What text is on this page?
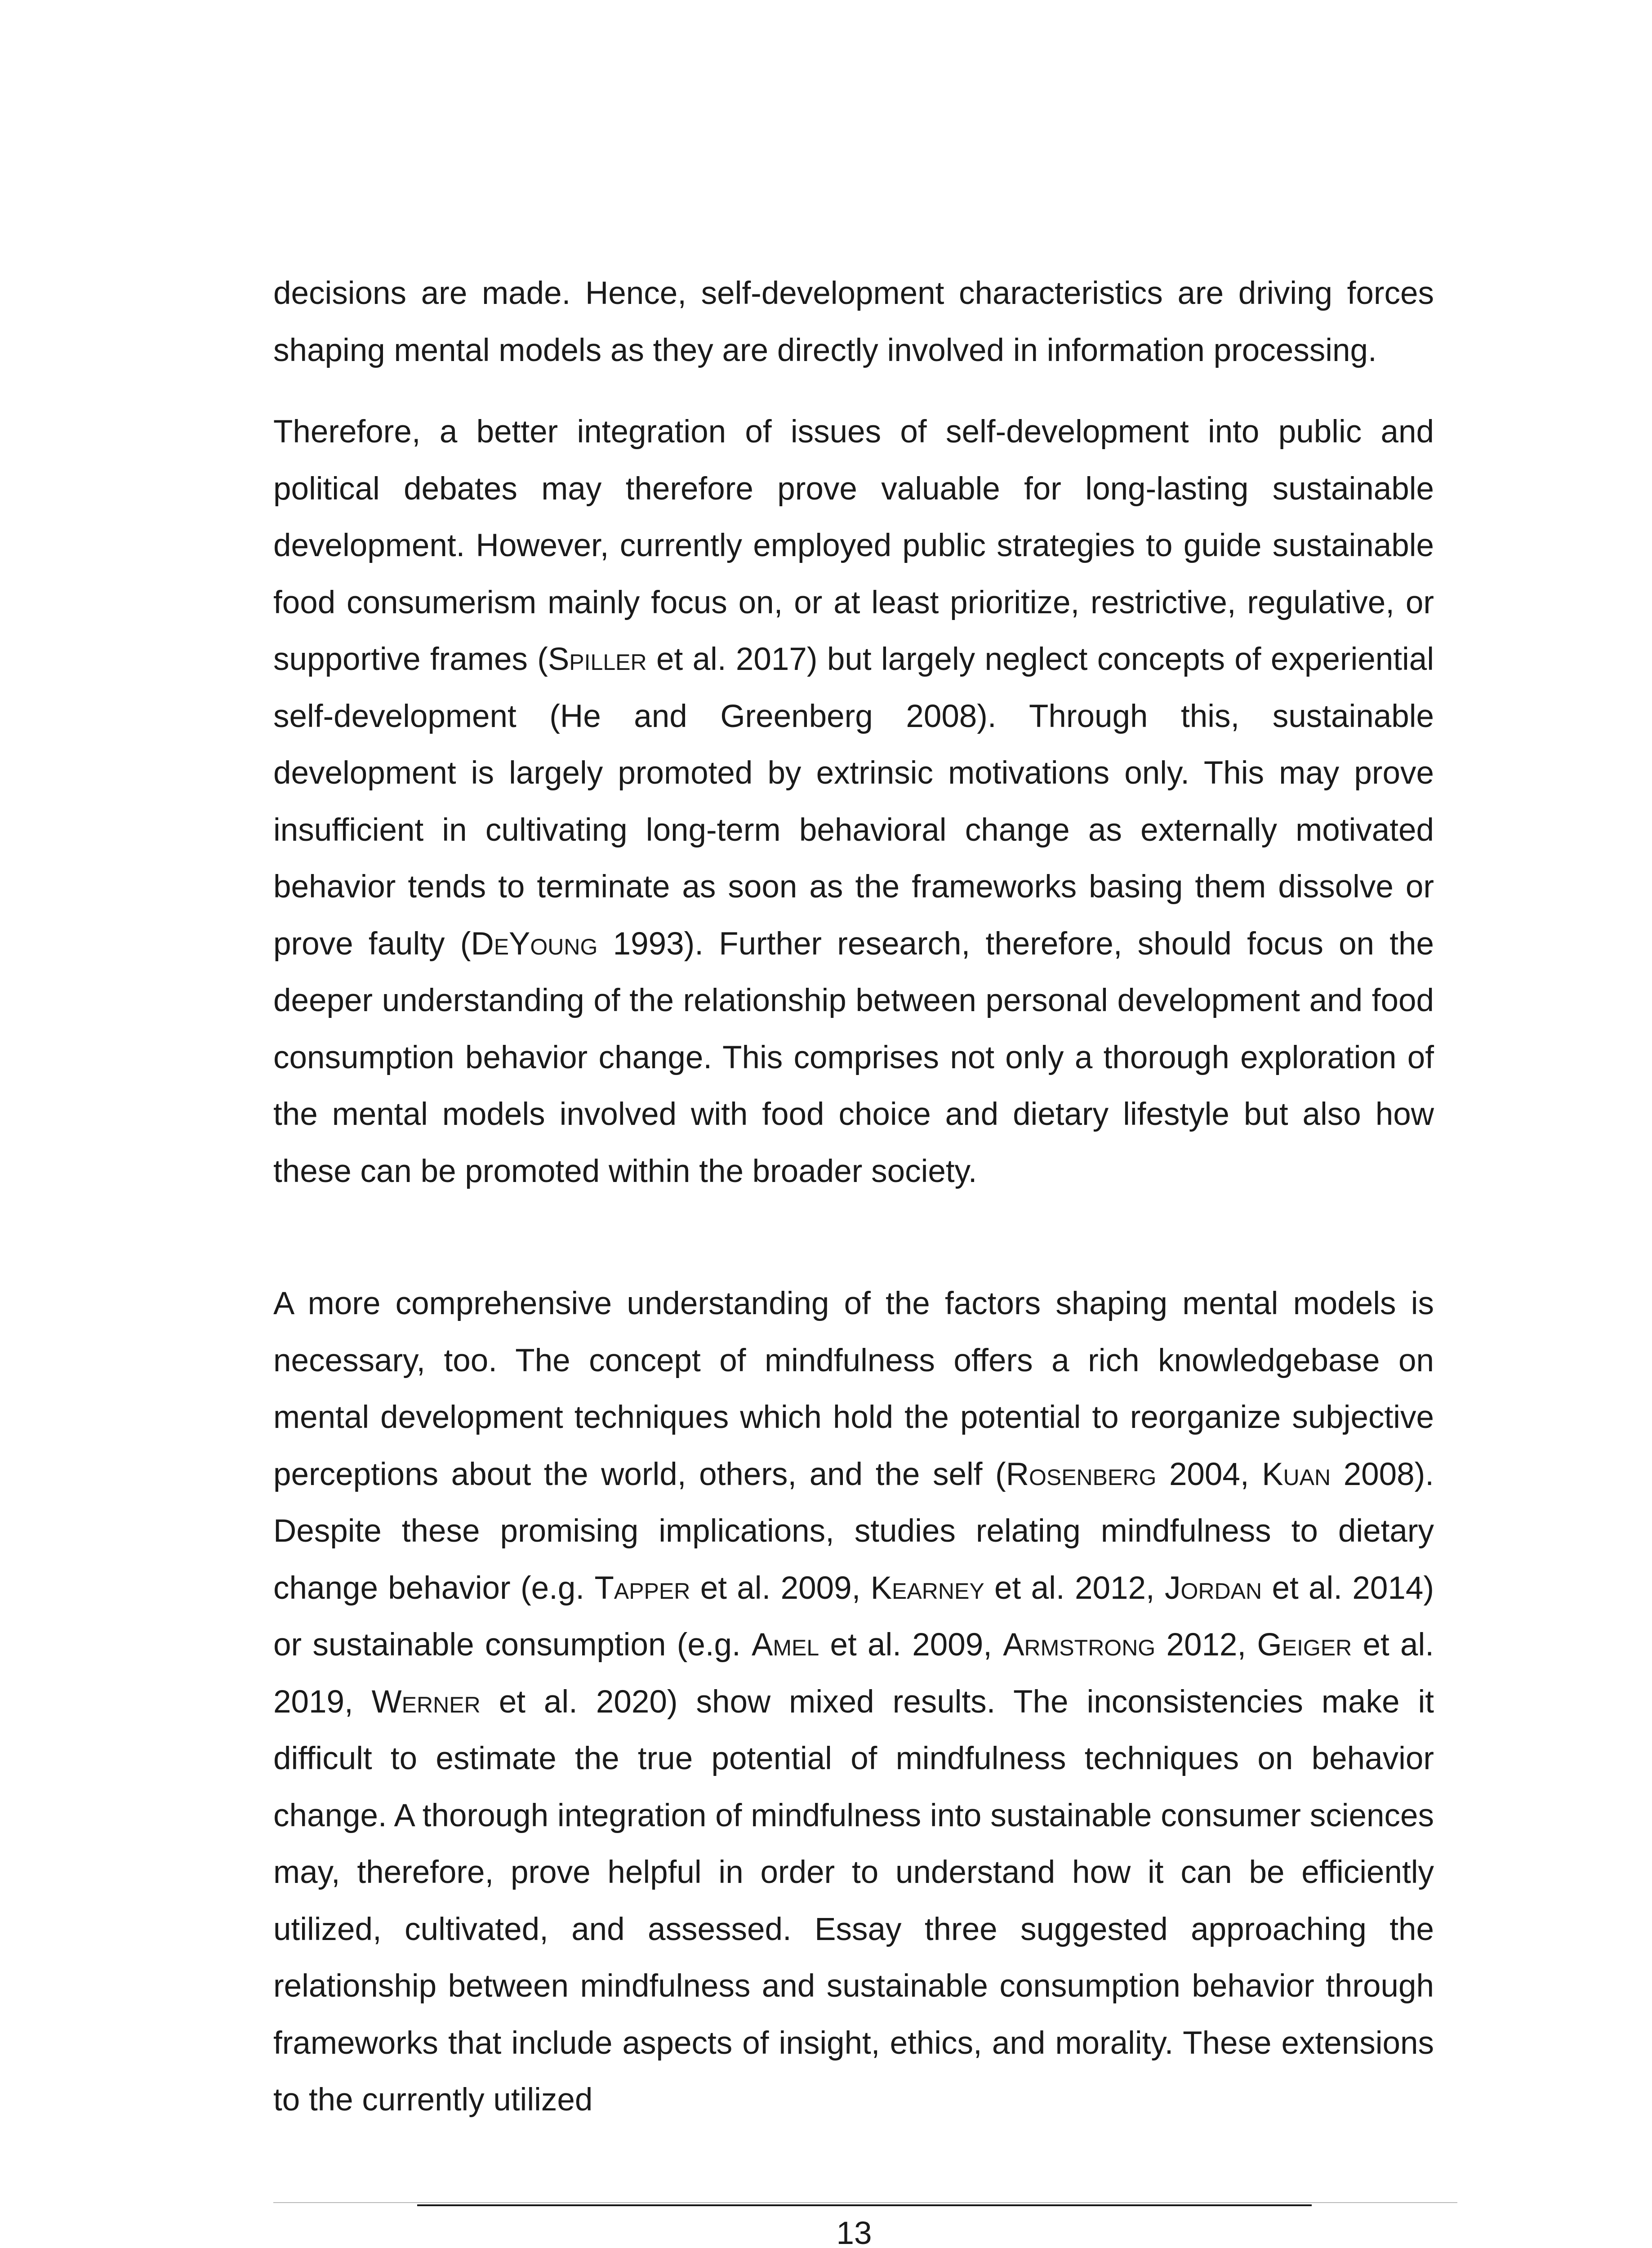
decisions are made. Hence, self-development characteristics are driving forces shaping mental models as they are directly involved in information processing.

Therefore, a better integration of issues of self-development into public and political debates may therefore prove valuable for long-lasting sustainable development. However, currently employed public strategies to guide sustainable food consumerism mainly focus on, or at least prioritize, restrictive, regulative, or supportive frames (Spiller et al. 2017) but largely neglect concepts of experiential self-development (He and Greenberg 2008). Through this, sustainable development is largely promoted by extrinsic motivations only. This may prove insufficient in cultivating long-term behavioral change as externally motivated behavior tends to terminate as soon as the frameworks basing them dissolve or prove faulty (DeYoung 1993). Further research, therefore, should focus on the deeper understanding of the relationship between personal development and food consumption behavior change. This comprises not only a thorough exploration of the mental models involved with food choice and dietary lifestyle but also how these can be promoted within the broader society.

A more comprehensive understanding of the factors shaping mental models is necessary, too. The concept of mindfulness offers a rich knowledgebase on mental development techniques which hold the potential to reorganize subjective perceptions about the world, others, and the self (Rosenberg 2004, Kuan 2008). Despite these promising implications, studies relating mindfulness to dietary change behavior (e.g. Tapper et al. 2009, Kearney et al. 2012, Jordan et al. 2014) or sustainable consumption (e.g. Amel et al. 2009, Armstrong 2012, Geiger et al. 2019, Werner et al. 2020) show mixed results. The inconsistencies make it difficult to estimate the true potential of mindfulness techniques on behavior change. A thorough integration of mindfulness into sustainable consumer sciences may, therefore, prove helpful in order to understand how it can be efficiently utilized, cultivated, and assessed. Essay three suggested approaching the relationship between mindfulness and sustainable consumption behavior through frameworks that include aspects of insight, ethics, and morality. These extensions to the currently utilized

13
